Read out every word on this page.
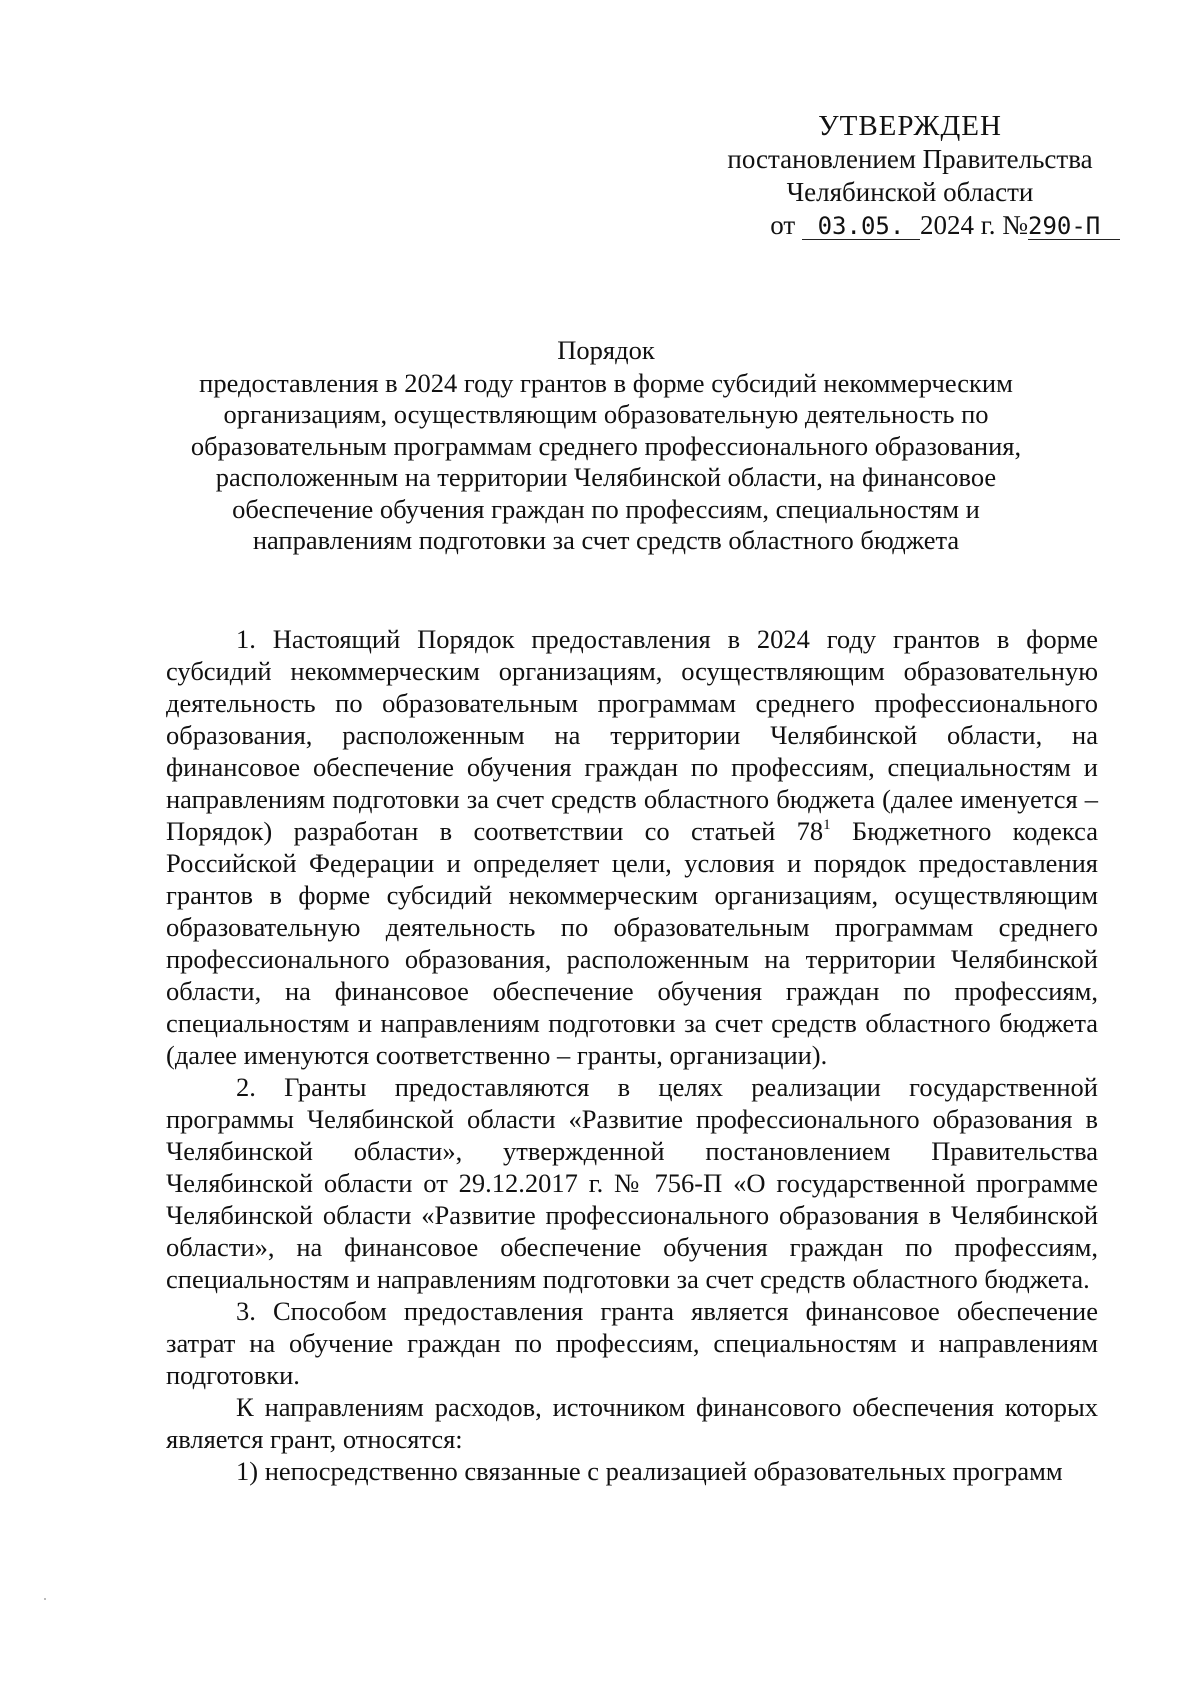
УТВЕРЖДЕН
постановлением Правительства
Челябинской области
от 03.05. 2024 г. №290-П
Порядок
предоставления в 2024 году грантов в форме субсидий некоммерческим
организациям, осуществляющим образовательную деятельность по
образовательным программам среднего профессионального образования,
расположенным на территории Челябинской области, на финансовое
обеспечение обучения граждан по профессиям, специальностям и
направлениям подготовки за счет средств областного бюджета

1. Настоящий Порядок предоставления в 2024 году грантов в форме субсидий некоммерческим организациям, осуществляющим образовательную деятельность по образовательным программам среднего профессионального образования, расположенным на территории Челябинской области, на финансовое обеспечение обучения граждан по профессиям, специальностям и направлениям подготовки за счет средств областного бюджета (далее именуется – Порядок) разработан в соответствии со статьей $78^1$ Бюджетного кодекса Российской Федерации и определяет цели, условия и порядок предоставления грантов в форме субсидий некоммерческим организациям, осуществляющим образовательную деятельность по образовательным программам среднего профессионального образования, расположенным на территории Челябинской области, на финансовое обеспечение обучения граждан по профессиям, специальностям и направлениям подготовки за счет средств областного бюджета (далее именуются соответственно – гранты, организации).

2. Гранты предоставляются в целях реализации государственной программы Челябинской области «Развитие профессионального образования в Челябинской области», утвержденной постановлением Правительства Челябинской области от 29.12.2017 г. № 756-П «О государственной программе Челябинской области «Развитие профессионального образования в Челябинской области», на финансовое обеспечение обучения граждан по профессиям, специальностям и направлениям подготовки за счет средств областного бюджета.

3. Способом предоставления гранта является финансовое обеспечение затрат на обучение граждан по профессиям, специальностям и направлениям подготовки.

К направлениям расходов, источником финансового обеспечения которых является грант, относятся:

1) непосредственно связанные с реализацией образовательных программ
